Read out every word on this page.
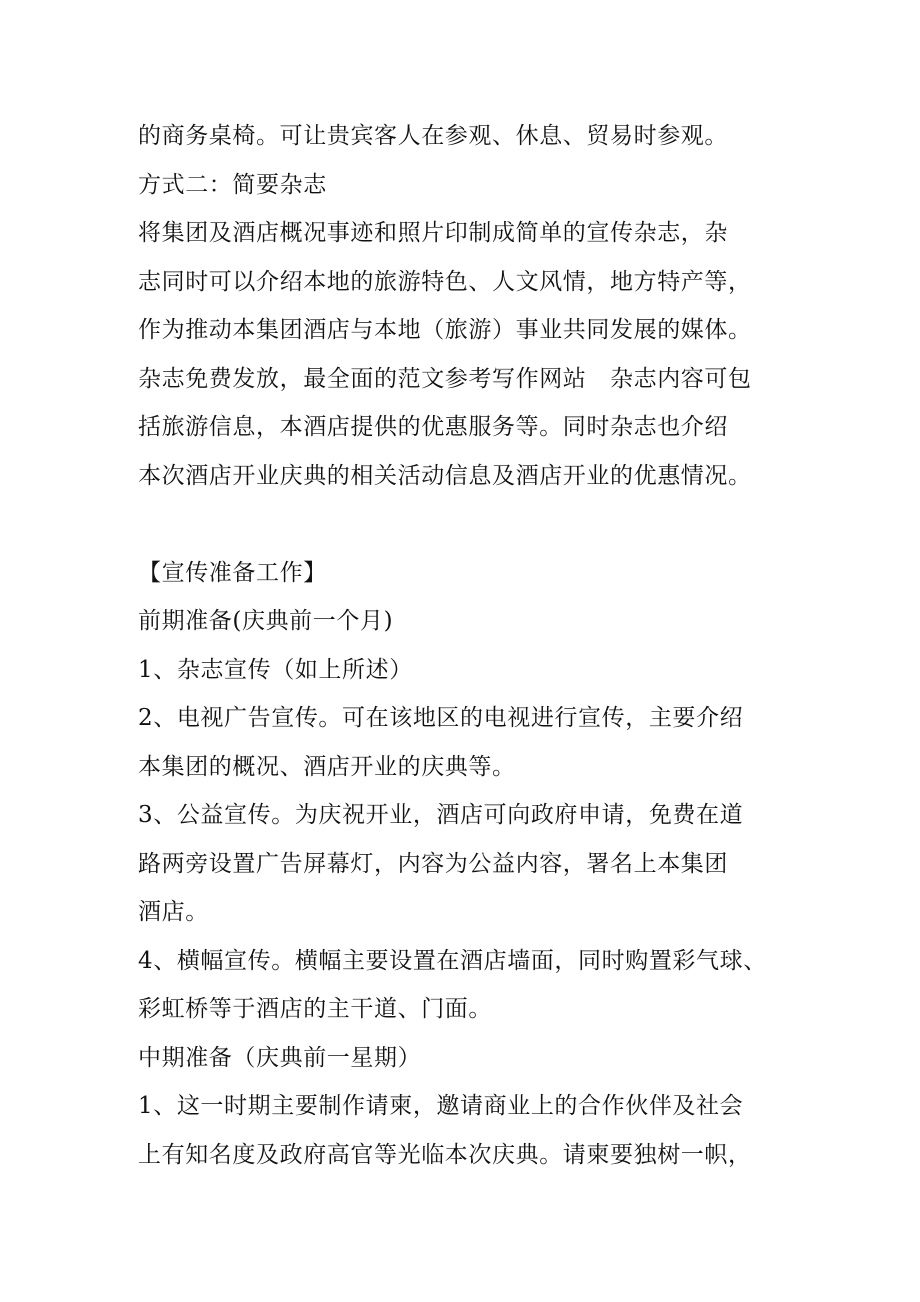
的商务桌椅。可让贵宾客人在参观、休息、贸易时参观。
方式二：简要杂志
将集团及酒店概况事迹和照片印制成简单的宣传杂志，杂
志同时可以介绍本地的旅游特色、人文风情，地方特产等，
作为推动本集团酒店与本地（旅游）事业共同发展的媒体。
杂志免费发放，最全面的范文参考写作网站　杂志内容可包
括旅游信息，本酒店提供的优惠服务等。同时杂志也介绍
本次酒店开业庆典的相关活动信息及酒店开业的优惠情况。
【宣传准备工作】
前期准备(庆典前一个月)
1、杂志宣传（如上所述）
2、电视广告宣传。可在该地区的电视进行宣传，主要介绍
本集团的概况、酒店开业的庆典等。
3、公益宣传。为庆祝开业，酒店可向政府申请，免费在道
路两旁设置广告屏幕灯，内容为公益内容，署名上本集团
酒店。
4、横幅宣传。横幅主要设置在酒店墙面，同时购置彩气球、
彩虹桥等于酒店的主干道、门面。
中期准备（庆典前一星期）
1、这一时期主要制作请柬，邀请商业上的合作伙伴及社会
上有知名度及政府高官等光临本次庆典。请柬要独树一帜，
